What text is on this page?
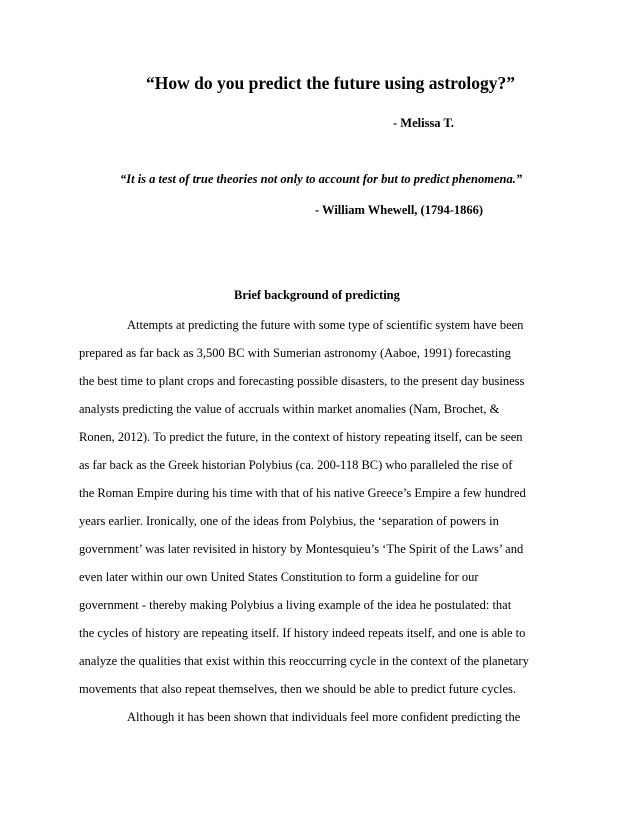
“How do you predict the future using astrology?”
- Melissa T.
“It is a test of true theories not only to account for but to predict phenomena.”
- William Whewell, (1794-1866)
Brief background of predicting
Attempts at predicting the future with some type of scientific system have been
prepared as far back as 3,500 BC with Sumerian astronomy (Aaboe, 1991) forecasting
the best time to plant crops and forecasting possible disasters, to the present day business
analysts predicting the value of accruals within market anomalies (Nam, Brochet, &
Ronen, 2012). To predict the future, in the context of history repeating itself, can be seen
as far back as the Greek historian Polybius (ca. 200-118 BC) who paralleled the rise of
the Roman Empire during his time with that of his native Greece’s Empire a few hundred
years earlier. Ironically, one of the ideas from Polybius, the ‘separation of powers in
government’ was later revisited in history by Montesquieu’s ‘The Spirit of the Laws’ and
even later within our own United States Constitution to form a guideline for our
government - thereby making Polybius a living example of the idea he postulated: that
the cycles of history are repeating itself. If history indeed repeats itself, and one is able to
analyze the qualities that exist within this reoccurring cycle in the context of the planetary
movements that also repeat themselves, then we should be able to predict future cycles.
Although it has been shown that individuals feel more confident predicting the
